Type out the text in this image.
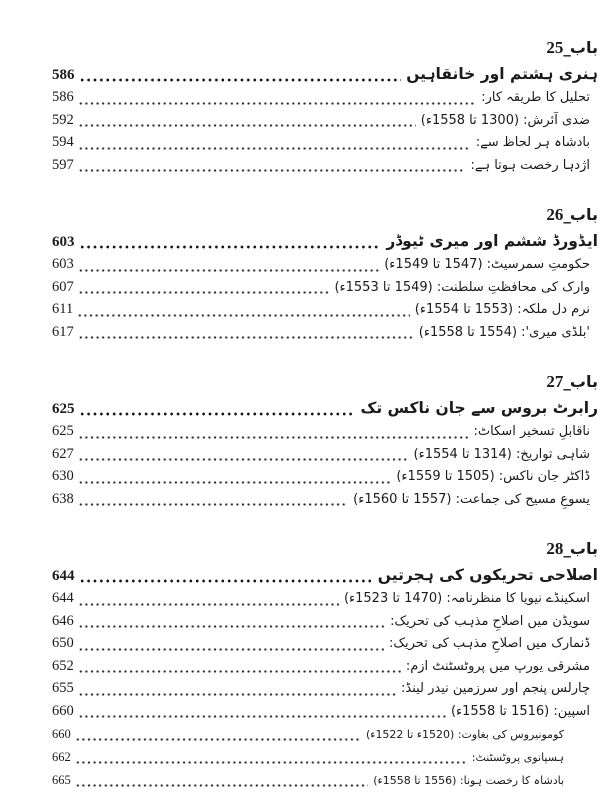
باب
_
25
ہنری ہشتم اور خانقاہیں
586
تحلیل کا طریقہ کار:
586
ضدی آئرش: (1300 تا 1558ء)
592
بادشاہ ہر لحاظ سے:
594
اژدہا رخصت ہوتا ہے:
597
باب
_
26
ایڈورڈ ششم اور میری ٹیوڈر
603
حکومتِ سمرسیٹ: (1547 تا 1549ء)
603
وارک کی محافظتِ سلطنت: (1549 تا 1553ء)
607
نرم دل ملکہ: (1553 تا 1554ء)
611
'بلڈی میری': (1554 تا 1558ء)
617
باب
_
27
رابرٹ بروس سے جان ناکس تک
625
ناقابلِ تسخیر اسکاٹ:
625
شاہی تواریخ: (1314 تا 1554ء)
627
ڈاکٹر جان ناکس: (1505 تا 1559ء)
630
یسوعِ مسیح کی جماعت: (1557 تا 1560ء)
638
باب
_
28
اصلاحی تحریکوں کی ہجرتیں
644
اسکینڈے نیویا کا منظرنامہ: (1470 تا 1523ء)
644
سویڈن میں اصلاحِ مذہب کی تحریک:
646
ڈنمارک میں اصلاحِ مذہب کی تحریک:
650
مشرقی یورپ میں پروٹسٹنٹ ازم:
652
چارلس پنجم اور سرزمین نیدر لینڈ:
655
اسپین: (1516 تا 1558ء)
660
کومونیروس کی بغاوت: (1520ء تا 1522ء)
660
ہسپانوی پروٹسٹنٹ:
662
بادشاہ کا رخصت ہونا: (1556 تا 1558ء)
665
